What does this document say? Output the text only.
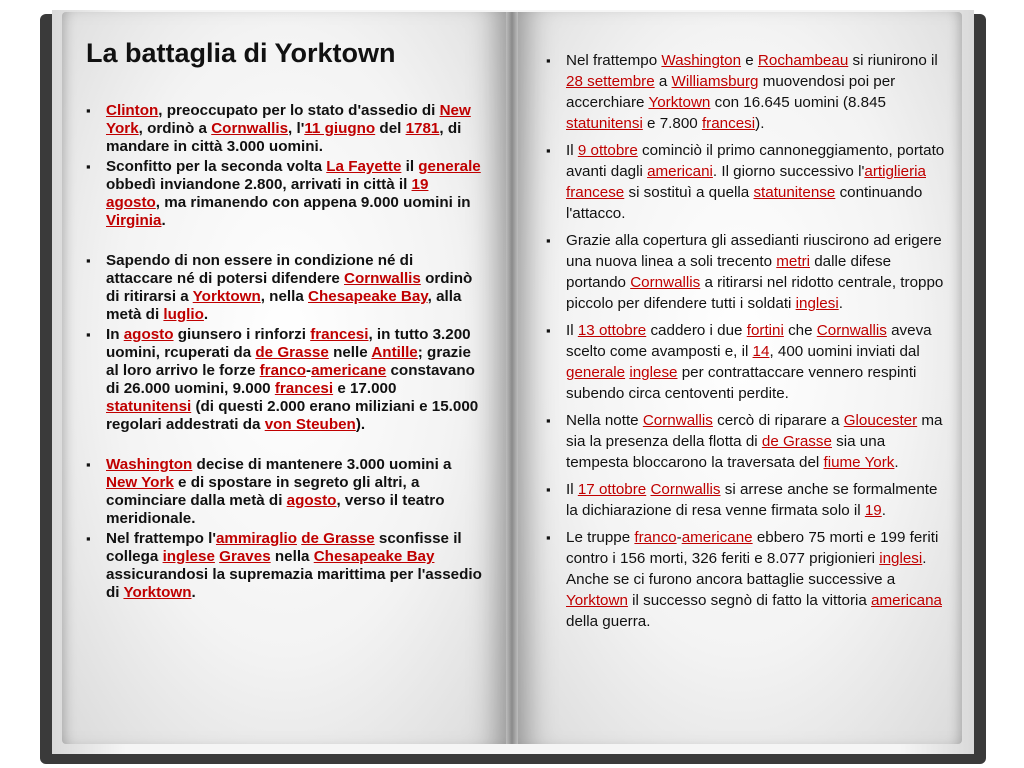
La battaglia di Yorktown
▪ Clinton, preoccupato per lo stato d'assedio di New York, ordinò a Cornwallis, l'11 giugno del 1781, di mandare in città 3.000 uomini.
▪ Sconfitto per la seconda volta La Fayette il generale obbedì inviandone 2.800, arrivati in città il 19 agosto, ma rimanendo con appena 9.000 uomini in Virginia.
▪ Sapendo di non essere in condizione né di attaccare né di potersi difendere Cornwallis ordinò di ritirarsi a Yorktown, nella Chesapeake Bay, alla metà di luglio.
▪ In agosto giunsero i rinforzi francesi, in tutto 3.200 uomini, rcuperati da de Grasse nelle Antille; grazie al loro arrivo le forze franco-americane constavano di 26.000 uomini, 9.000 francesi e 17.000 statunitensi (di questi 2.000 erano miliziani e 15.000 regolari addestrati da von Steuben).
▪ Washington decise di mantenere 3.000 uomini a New York e di spostare in segreto gli altri, a cominciare dalla metà di agosto, verso il teatro meridionale.
▪ Nel frattempo l'ammiraglio de Grasse sconfisse il collega inglese Graves nella Chesapeake Bay assicurandosi la supremazia marittima per l'assedio di Yorktown.
▪ Nel frattempo Washington e Rochambeau si riunirono il 28 settembre a Williamsburg muovendosi poi per accerchiare Yorktown con 16.645 uomini (8.845 statunitensi e 7.800 francesi).
▪ Il 9 ottobre cominciò il primo cannoneggiamento, portato avanti dagli americani. Il giorno successivo l'artiglieria francese si sostituì a quella statunitense continuando l'attacco.
▪ Grazie alla copertura gli assedianti riuscirono ad erigere una nuova linea a soli trecento metri dalle difese portando Cornwallis a ritirarsi nel ridotto centrale, troppo piccolo per difendere tutti i soldati inglesi.
▪ Il 13 ottobre caddero i due fortini che Cornwallis aveva scelto come avamposti e, il 14, 400 uomini inviati dal generale inglese per contrattaccare vennero respinti subendo circa centoventi perdite.
▪ Nella notte Cornwallis cercò di riparare a Gloucester ma sia la presenza della flotta di de Grasse sia una tempesta bloccarono la traversata del fiume York.
▪ Il 17 ottobre Cornwallis si arrese anche se formalmente la dichiarazione di resa venne firmata solo il 19.
▪ Le truppe franco-americane ebbero 75 morti e 199 feriti contro i 156 morti, 326 feriti e 8.077 prigionieri inglesi. Anche se ci furono ancora battaglie successive a Yorktown il successo segnò di fatto la vittoria americana della guerra.
